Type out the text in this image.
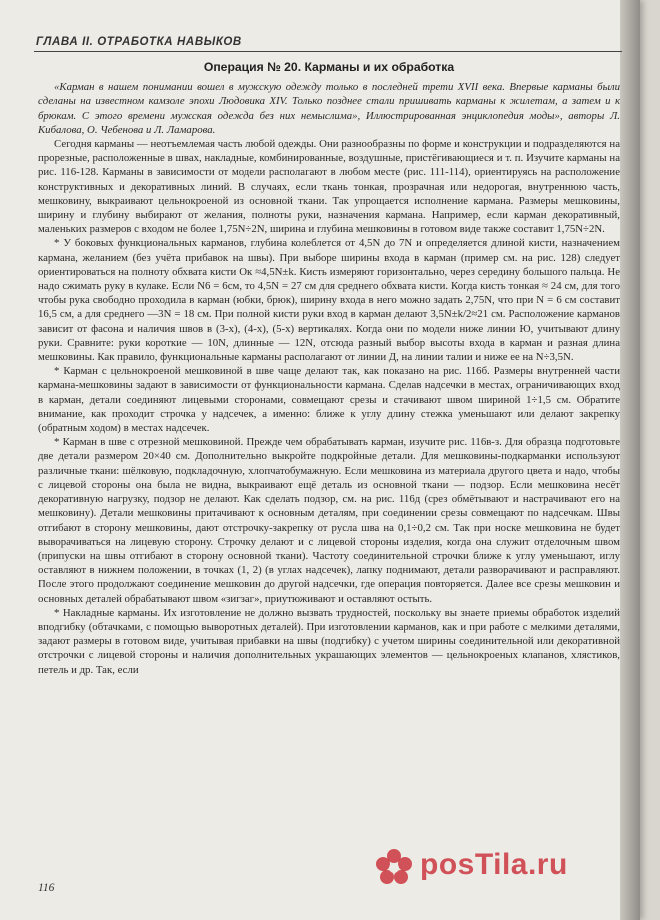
ГЛАВА II. ОТРАБОТКА НАВЫКОВ
Операция № 20. Карманы и их обработка

«Карман в нашем понимании вошел в мужскую одежду только в последней трети XVII века. Впервые карманы были сделаны на известном камзоле эпохи Людовика XIV. Только позднее стали пришивать карманы к жилетам, а затем и к брюкам. С этого времени мужская одежда без них немыслима», Иллюстрированная энциклопедия моды», авторы Л. Кибалова, О. Чебенова и Л. Ламарова.

Сегодня карманы — неотъемлемая часть любой одежды. Они разнообразны по форме и конструкции и подразделяются на прорезные, расположенные в швах, накладные, комбинированные, воздушные, пристёгивающиеся и т. п. Изучите карманы на рис. 116-128. Карманы в зависимости от модели располагают в любом месте (рис. 111-114), ориентируясь на расположение конструктивных и декоративных линий. В случаях, если ткань тонкая, прозрачная или недорогая, внутреннюю часть, мешковину, выкраивают цельнокроеной из основной ткани. Так упрощается исполнение кармана. Размеры мешковины, ширину и глубину выбирают от желания, полноты руки, назначения кармана. Например, если карман декоративный, маленьких размеров с входом не более 1,75N÷2N, ширина и глубина мешковины в готовом виде также составит 1,75N÷2N.

* У боковых функциональных карманов, глубина колеблется от 4,5N до 7N и определяется длиной кисти, назначением кармана, желанием (без учёта прибавок на швы). При выборе ширины входа в карман (пример см. на рис. 128) следует ориентироваться на полноту обхвата кисти Ок ≈4,5N±k. Кисть измеряют горизонтально, через середину большого пальца. Не надо сжимать руку в кулаке. Если N6 = 6см, то 4,5N = 27 см для среднего обхвата кисти. Когда кисть тонкая ≈ 24 см, для того чтобы рука свободно проходила в карман (юбки, брюк), ширину входа в него можно задать 2,75N, что при N = 6 см составит 16,5 см, а для среднего —3N = 18 см. При полной кисти руки вход в карман делают 3,5N±k/2≈21 см. Расположение карманов зависит от фасона и наличия швов в (3-х), (4-х), (5-х) вертикалях. Когда они по модели ниже линии Ю, учитывают длину руки. Сравните: руки короткие — 10N, длинные — 12N, отсюда разный выбор высоты входа в карман и разная длина мешковины. Как правило, функциональные карманы располагают от линии Д, на линии талии и ниже ее на N÷3,5N.

* Карман с цельнокроеной мешковиной в шве чаще делают так, как показано на рис. 116б. Размеры внутренней части кармана-мешковины задают в зависимости от функциональности кармана. Сделав надсечки в местах, ограничивающих вход в карман, детали соединяют лицевыми сторонами, совмещают срезы и стачивают швом шириной 1÷1,5 см. Обратите внимание, как проходит строчка у надсечек, а именно: ближе к углу длину стежка уменьшают или делают закрепку (обратным ходом) в местах надсечек.

* Карман в шве с отрезной мешковиной. Прежде чем обрабатывать карман, изучите рис. 116в-з. Для образца подготовьте две детали размером 20×40 см. Дополнительно выкройте подкройные детали. Для мешковины-подкарманки используют различные ткани: шёлковую, подкладочную, хлопчатобумажную. Если мешковина из материала другого цвета и надо, чтобы с лицевой стороны она была не видна, выкраивают ещё деталь из основной ткани — подзор. Если мешковина несёт декоративную нагрузку, подзор не делают. Как сделать подзор, см. на рис. 116д (срез обмётывают и настрачивают его на мешковину). Детали мешковины притачивают к основным деталям, при соединении срезы совмещают по надсечкам. Швы отгибают в сторону мешковины, дают отстрочку-закрепку от русла шва на 0,1÷0,2 см. Так при носке мешковина не будет выворачиваться на лицевую сторону. Строчку делают и с лицевой стороны изделия, когда она служит отделочным швом (припуски на швы отгибают в сторону основной ткани). Частоту соединительной строчки ближе к углу уменьшают, иглу оставляют в нижнем положении, в точках (1, 2) (в углах надсечек), лапку поднимают, детали разворачивают и расправляют. После этого продолжают соединение мешковин до другой надсечки, где операция повторяется. Далее все срезы мешковин и основных деталей обрабатывают швом «зигзаг», приутюживают и оставляют остыть.

* Накладные карманы. Их изготовление не должно вызвать трудностей, поскольку вы знаете приемы обработок изделий вподгибку (обтачками, с помощью выворотных деталей). При изготовлении карманов, как и при работе с мелкими деталями, задают размеры в готовом виде, учитывая прибавки на швы (подгибку) с учетом ширины соединительной или декоративной отстрочки с лицевой стороны и наличия дополнительных украшающих элементов — цельнокроеных клапанов, хлястиков, петель и др. Так, если

116
posTila.ru
